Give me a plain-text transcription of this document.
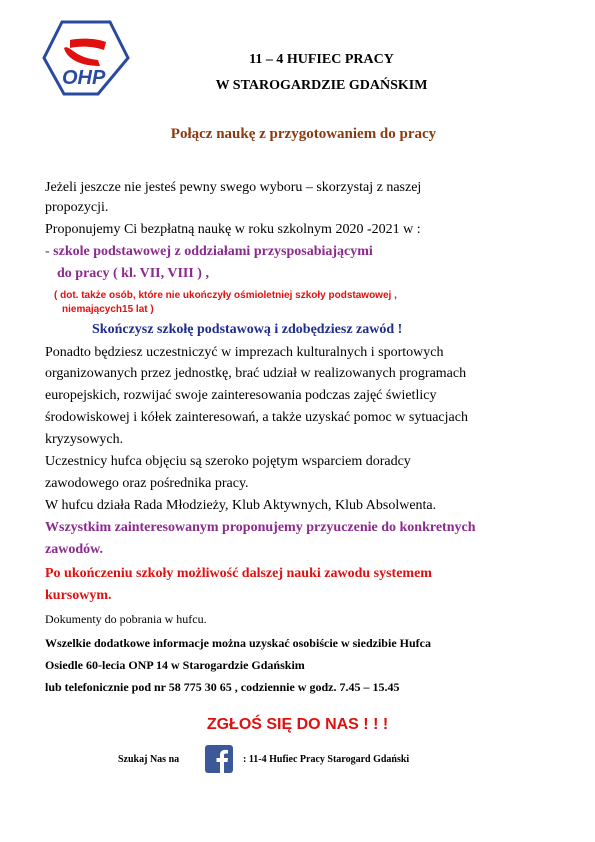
OHP
11 – 4 HUFIEC PRACY
W STAROGARDZIE GDAŃSKIM
Połącz naukę z przygotowaniem do pracy
Jeżeli jeszcze nie jesteś pewny swego wyboru – skorzystaj z naszej
propozycji.
Proponujemy Ci bezpłatną naukę w roku szkolnym 2020 -2021 w :
- szkole podstawowej z oddziałami przysposabiającymi
do pracy ( kl. VII, VIII ) ,
( dot. także osób, które nie ukończyły ośmioletniej szkoły podstawowej ,
niemających15 lat )
Skończysz szkołę podstawową i zdobędziesz zawód !
Ponadto będziesz uczestniczyć w imprezach kulturalnych i sportowych
organizowanych przez jednostkę, brać udział w realizowanych programach
europejskich, rozwijać swoje zainteresowania podczas zajęć świetlicy
środowiskowej i kółek zainteresowań, a także uzyskać pomoc w sytuacjach
kryzysowych.
Uczestnicy hufca objęciu są szeroko pojętym wsparciem doradcy
zawodowego oraz pośrednika pracy.
W hufcu działa Rada Młodzieży, Klub Aktywnych, Klub Absolwenta.
Wszystkim zainteresowanym proponujemy przyuczenie do konkretnych
zawodów.
Po ukończeniu szkoły możliwość dalszej nauki zawodu systemem
kursowym.
Dokumenty do pobrania w hufcu.
Wszelkie dodatkowe informacje można uzyskać osobiście w siedzibie Hufca
Osiedle 60-lecia ONP 14 w Starogardzie Gdańskim
lub telefonicznie pod nr 58 775 30 65 , codziennie w godz. 7.45 – 15.45
ZGŁOŚ SIĘ DO NAS ! ! !
Szukaj Nas na	: 11-4 Hufiec Pracy Starogard Gdański
